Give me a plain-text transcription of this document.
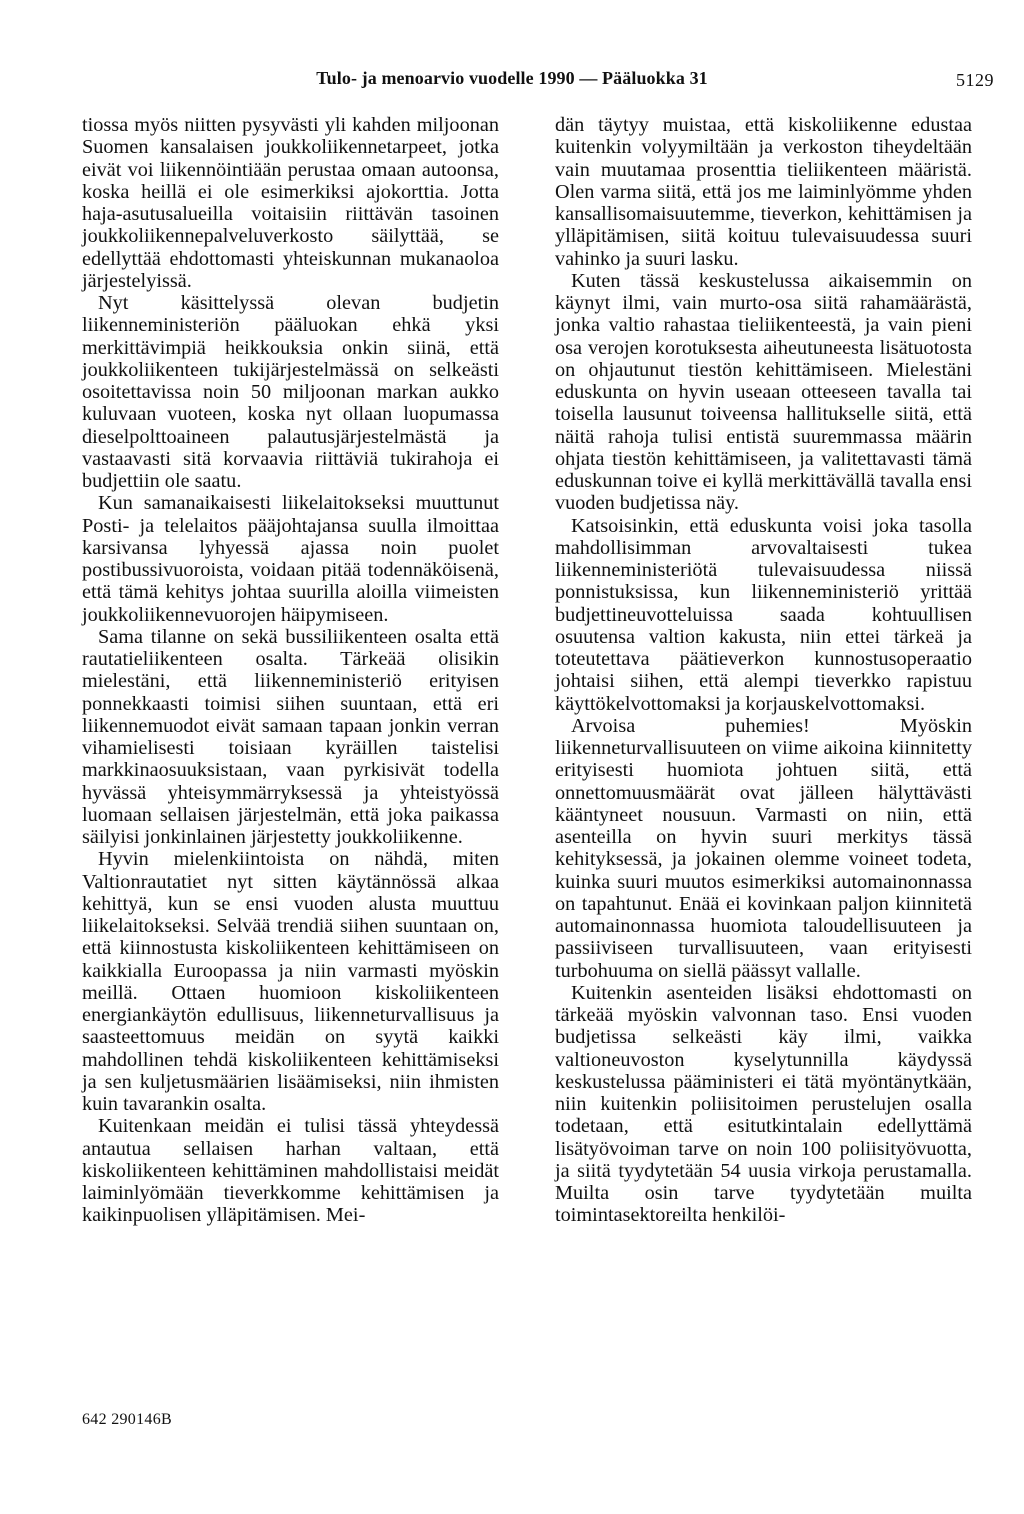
Tulo- ja menoarvio vuodelle 1990 — Pääluokka 31	5129

tiossa myös niitten pysyvästi yli kahden miljoonan Suomen kansalaisen joukkoliikennetarpeet, jotka eivät voi liikennöintiään perustaa omaan autoonsa, koska heillä ei ole esimerkiksi ajokorttia. Jotta haja-asutusalueilla voitaisiin riittävän tasoinen joukkoliikennepalveluverkosto säilyttää, se edellyttää ehdottomasti yhteiskunnan mukanaoloa järjestelyissä.

Nyt käsittelyssä olevan budjetin liikenneministeriön pääluokan ehkä yksi merkittävimpiä heikkouksia onkin siinä, että joukkoliikenteen tukijärjestelmässä on selkeästi osoitettavissa noin 50 miljoonan markan aukko kuluvaan vuoteen, koska nyt ollaan luopumassa dieselpolttoaineen palautusjärjestelmästä ja vastaavasti sitä korvaavia riittäviä tukirahoja ei budjettiin ole saatu.

Kun samanaikaisesti liikelaitokseksi muuttunut Posti- ja telelaitos pääjohtajansa suulla ilmoittaa karsivansa lyhyessä ajassa noin puolet postibussivuoroista, voidaan pitää todennäköisenä, että tämä kehitys johtaa suurilla aloilla viimeisten joukkoliikennevuorojen häipymiseen.

Sama tilanne on sekä bussiliikenteen osalta että rautatieliikenteen osalta. Tärkeää olisikin mielestäni, että liikenneministeriö erityisen ponnekkaasti toimisi siihen suuntaan, että eri liikennemuodot eivät samaan tapaan jonkin verran vihamielisesti toisiaan kyräillen taistelisi markkinaosuuksistaan, vaan pyrkisivät todella hyvässä yhteisymmärryksessä ja yhteistyössä luomaan sellaisen järjestelmän, että joka paikassa säilyisi jonkinlainen järjestetty joukkoliikenne.

Hyvin mielenkiintoista on nähdä, miten Valtionrautatiet nyt sitten käytännössä alkaa kehittyä, kun se ensi vuoden alusta muuttuu liikelaitokseksi. Selvää trendiä siihen suuntaan on, että kiinnostusta kiskoliikenteen kehittämiseen on kaikkialla Euroopassa ja niin varmasti myöskin meillä. Ottaen huomioon kiskoliikenteen energiankäytön edullisuus, liikenneturvallisuus ja saasteettomuus meidän on syytä kaikki mahdollinen tehdä kiskoliikenteen kehittämiseksi ja sen kuljetusmäärien lisäämiseksi, niin ihmisten kuin tavarankin osalta.

Kuitenkaan meidän ei tulisi tässä yhteydessä antautua sellaisen harhan valtaan, että kiskoliikenteen kehittäminen mahdollistaisi meidät laiminlyömään tieverkkomme kehittämisen ja kaikinpuolisen ylläpitämisen. Mei-

dän täytyy muistaa, että kiskoliikenne edustaa kuitenkin volyymiltään ja verkoston tiheydeltään vain muutamaa prosenttia tieliikenteen määristä. Olen varma siitä, että jos me laiminlyömme yhden kansallisomaisuutemme, tieverkon, kehittämisen ja ylläpitämisen, siitä koituu tulevaisuudessa suuri vahinko ja suuri lasku.

Kuten tässä keskustelussa aikaisemmin on käynyt ilmi, vain murto-osa siitä rahamäärästä, jonka valtio rahastaa tieliikenteestä, ja vain pieni osa verojen korotuksesta aiheutuneesta lisätuotosta on ohjautunut tiestön kehittämiseen. Mielestäni eduskunta on hyvin useaan otteeseen tavalla tai toisella lausunut toiveensa hallitukselle siitä, että näitä rahoja tulisi entistä suuremmassa määrin ohjata tiestön kehittämiseen, ja valitettavasti tämä eduskunnan toive ei kyllä merkittävällä tavalla ensi vuoden budjetissa näy.

Katsoisinkin, että eduskunta voisi joka tasolla mahdollisimman arvovaltaisesti tukea liikenneministeriötä tulevaisuudessa niissä ponnistuksissa, kun liikenneministeriö yrittää budjettineuvotteluissa saada kohtuullisen osuutensa valtion kakusta, niin ettei tärkeä ja toteutettava päätieverkon kunnostusoperaatio johtaisi siihen, että alempi tieverkko rapistuu käyttökelvottomaksi ja korjauskelvottomaksi.

Arvoisa puhemies! Myöskin liikenneturvallisuuteen on viime aikoina kiinnitetty erityisesti huomiota johtuen siitä, että onnettomuusmäärät ovat jälleen hälyttävästi kääntyneet nousuun. Varmasti on niin, että asenteilla on hyvin suuri merkitys tässä kehityksessä, ja jokainen olemme voineet todeta, kuinka suuri muutos esimerkiksi automainonnassa on tapahtunut. Enää ei kovinkaan paljon kiinnitetä automainonnassa huomiota taloudellisuuteen ja passiiviseen turvallisuuteen, vaan erityisesti turbohuuma on siellä päässyt vallalle.

Kuitenkin asenteiden lisäksi ehdottomasti on tärkeää myöskin valvonnan taso. Ensi vuoden budjetissa selkeästi käy ilmi, vaikka valtioneuvoston kyselytunnilla käydyssä keskustelussa pääministeri ei tätä myöntänytkään, niin kuitenkin poliisitoimen perustelujen osalla todetaan, että esitutkintalain edellyttämä lisätyövoiman tarve on noin 100 poliisityövuotta, ja siitä tyydytetään 54 uusia virkoja perustamalla. Muilta osin tarve tyydytetään muilta toimintasektoreilta henkilöi-

642 290146B
